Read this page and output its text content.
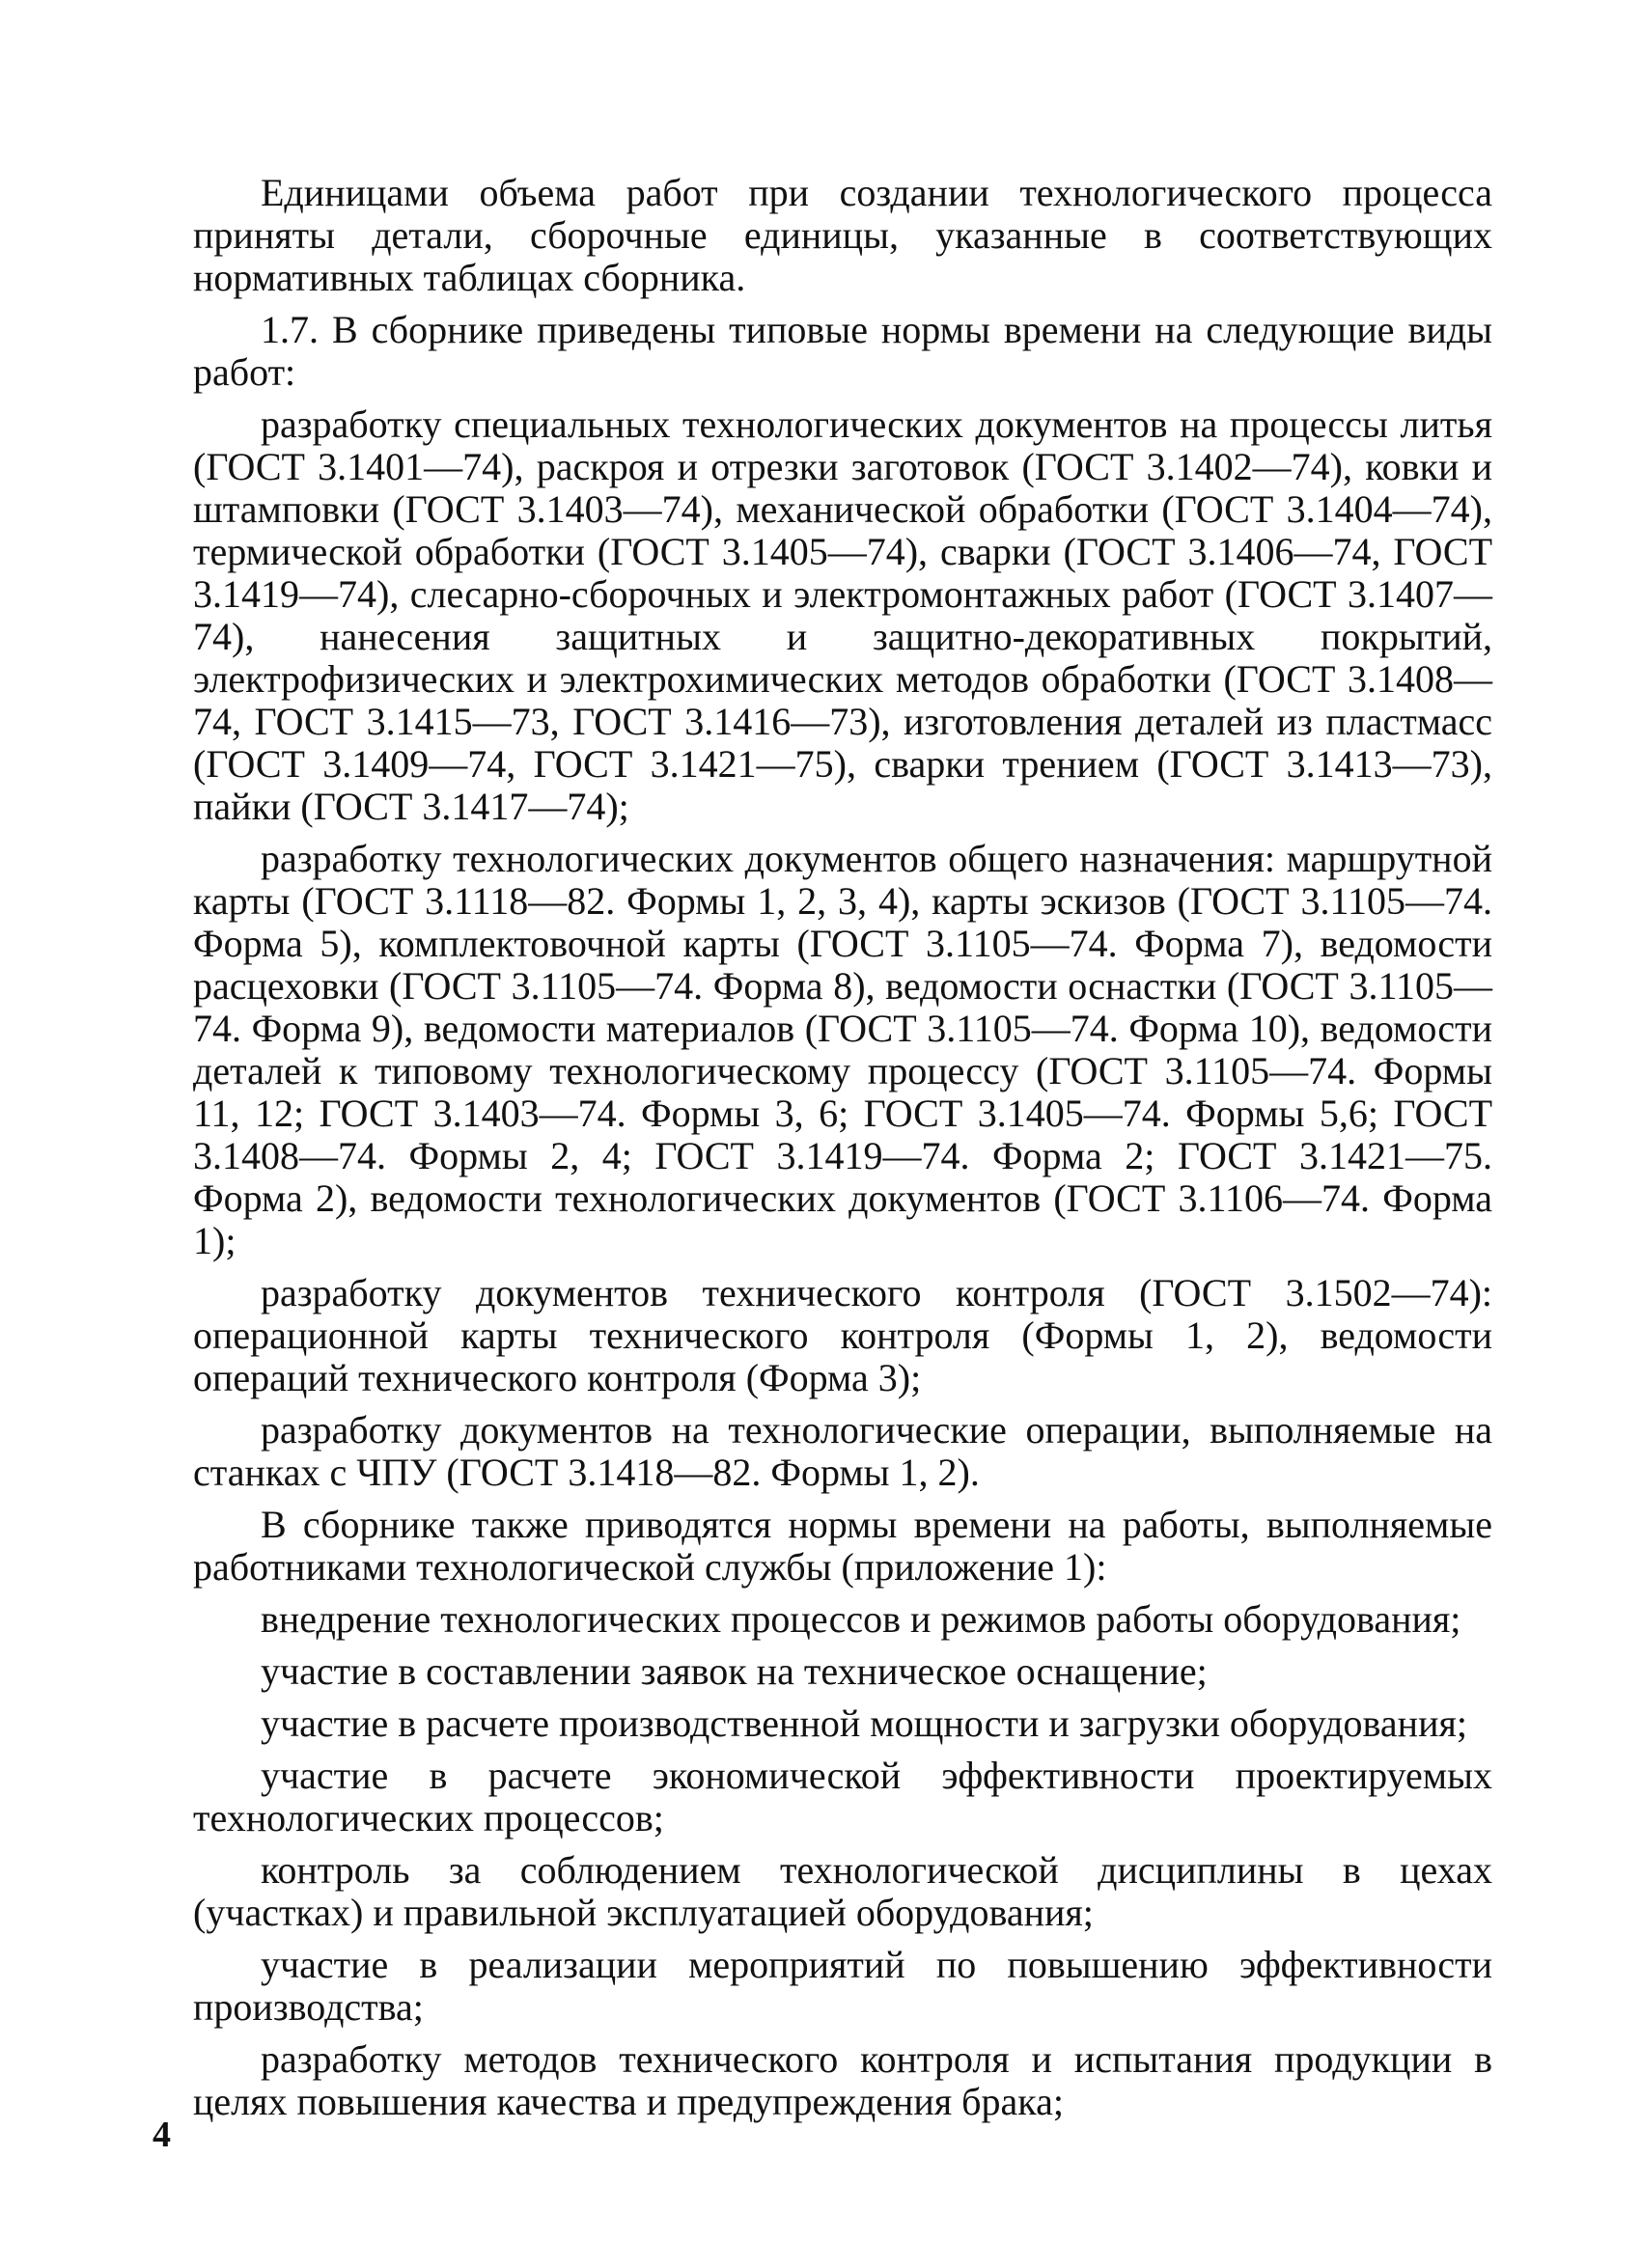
Единицами объема работ при создании технологического процесса приняты детали, сборочные единицы, указанные в соответствующих нормативных таблицах сборника.

1.7. В сборнике приведены типовые нормы времени на следующие виды работ:

разработку специальных технологических документов на процессы литья (ГОСТ 3.1401—74), раскроя и отрезки заготовок (ГОСТ 3.1402—74), ковки и штамповки (ГОСТ 3.1403—74), механической обработки (ГОСТ 3.1404—74), термической обработки (ГОСТ 3.1405—74), сварки (ГОСТ 3.1406—74, ГОСТ 3.1419—74), слесарно-сборочных и электромонтажных работ (ГОСТ 3.1407—74), нанесения защитных и защитно-декоративных покрытий, электрофизических и электрохимических методов обработки (ГОСТ 3.1408—74, ГОСТ 3.1415—73, ГОСТ 3.1416—73), изготовления деталей из пластмасс (ГОСТ 3.1409—74, ГОСТ 3.1421—75), сварки трением (ГОСТ 3.1413—73), пайки (ГОСТ 3.1417—74);

разработку технологических документов общего назначения: маршрутной карты (ГОСТ 3.1118—82. Формы 1, 2, 3, 4), карты эскизов (ГОСТ 3.1105—74. Форма 5), комплектовочной карты (ГОСТ 3.1105—74. Форма 7), ведомости расцеховки (ГОСТ 3.1105—74. Форма 8), ведомости оснастки (ГОСТ 3.1105—74. Форма 9), ведомости материалов (ГОСТ 3.1105—74. Форма 10), ведомости деталей к типовому технологическому процессу (ГОСТ 3.1105—74. Формы 11, 12; ГОСТ 3.1403—74. Формы 3, 6; ГОСТ 3.1405—74. Формы 5,6; ГОСТ 3.1408—74. Формы 2, 4; ГОСТ 3.1419—74. Форма 2; ГОСТ 3.1421—75. Форма 2), ведомости технологических документов (ГОСТ 3.1106—74. Форма 1);

разработку документов технического контроля (ГОСТ 3.1502—74): операционной карты технического контроля (Формы 1, 2), ведомости операций технического контроля (Форма 3);

разработку документов на технологические операции, выполняемые на станках с ЧПУ (ГОСТ 3.1418—82. Формы 1, 2).

В сборнике также приводятся нормы времени на работы, выполняемые работниками технологической службы (приложение 1):

внедрение технологических процессов и режимов работы оборудования;

участие в составлении заявок на техническое оснащение;

участие в расчете производственной мощности и загрузки оборудования;

участие в расчете экономической эффективности проектируемых технологических процессов;

контроль за соблюдением технологической дисциплины в цехах (участках) и правильной эксплуатацией оборудования;

участие в реализации мероприятий по повышению эффективности производства;

разработку методов технического контроля и испытания продукции в целях повышения качества и предупреждения брака;

4
